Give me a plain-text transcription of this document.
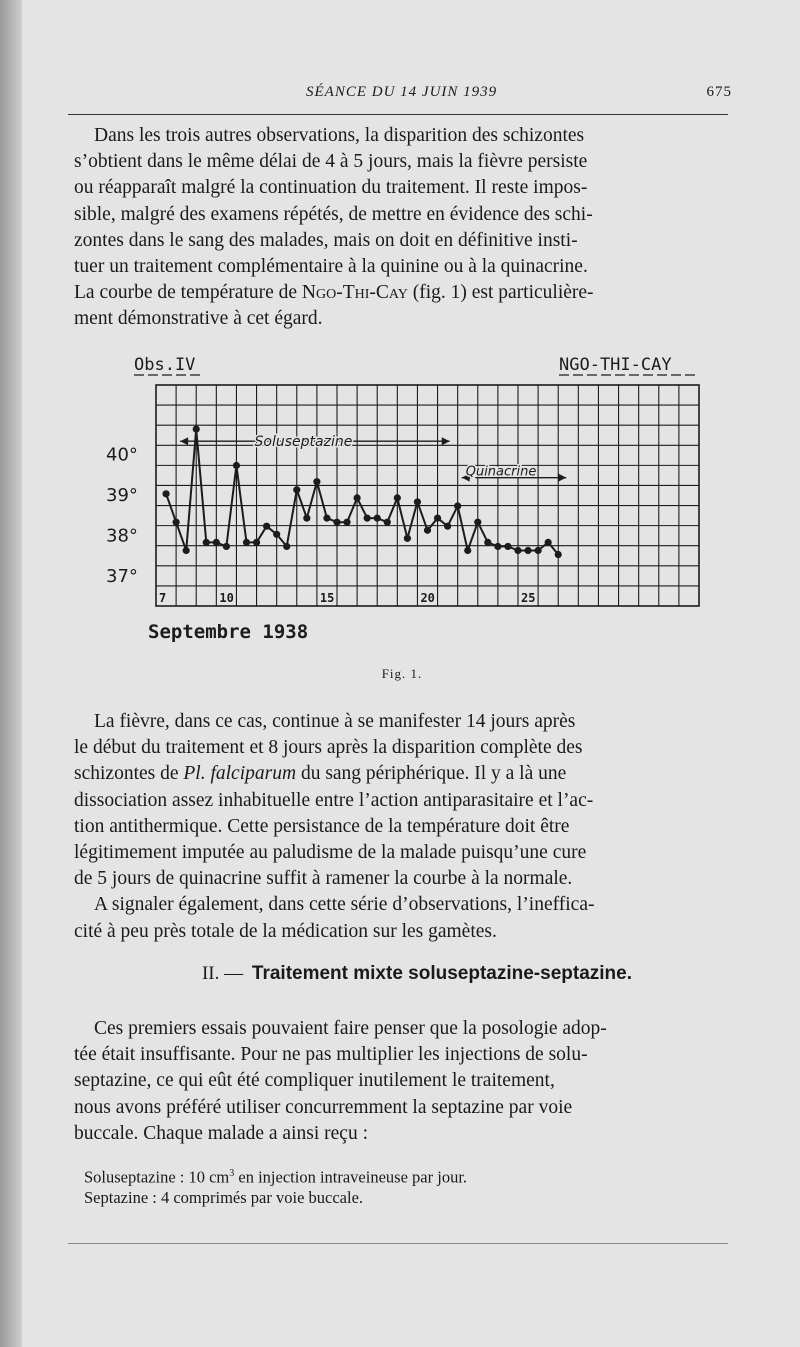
SÉANCE DU 14 JUIN 1939	675
Dans les trois autres observations, la disparition des schizontes
s’obtient dans le même délai de 4 à 5 jours, mais la fièvre persiste
ou réapparaît malgré la continuation du traitement. Il reste impos-
sible, malgré des examens répétés, de mettre en évidence des schi-
zontes dans le sang des malades, mais on doit en définitive insti-
tuer un traitement complémentaire à la quinine ou à la quinacrine.
La courbe de température de Ngo-Thi-Cay (fig. 1) est particulière-
ment démonstrative à cet égard.
Soluseptazine
Quinacrine
37°
38°
39°
40°
7	10	15	20	25
Obs.IV	NGO-THI-CAY
Septembre 1938
Fig. 1.
La fièvre, dans ce cas, continue à se manifester 14 jours après
le début du traitement et 8 jours après la disparition complète des
schizontes de Pl. falciparum du sang périphérique. Il y a là une
dissociation assez inhabituelle entre l’action antiparasitaire et l’ac-
tion antithermique. Cette persistance de la température doit être
légitimement imputée au paludisme de la malade puisqu’une cure
de 5 jours de quinacrine suffit à ramener la courbe à la normale.
A signaler également, dans cette série d’observations, l’inefficа-
cité à peu près totale de la médication sur les gamètes.
II. — Traitement mixte soluseptazine-septazine.
Ces premiers essais pouvaient faire penser que la posologie adop-
tée était insuffisante. Pour ne pas multiplier les injections de solu-
septazine, ce qui eût été compliquer inutilement le traitement,
nous avons préféré utiliser concurremment la septazine par voie
buccale. Chaque malade a ainsi reçu :
Soluseptazine : 10 $cm^3$ en injection intraveineuse par jour.
Septazine : 4 comprimés par voie buccale.
